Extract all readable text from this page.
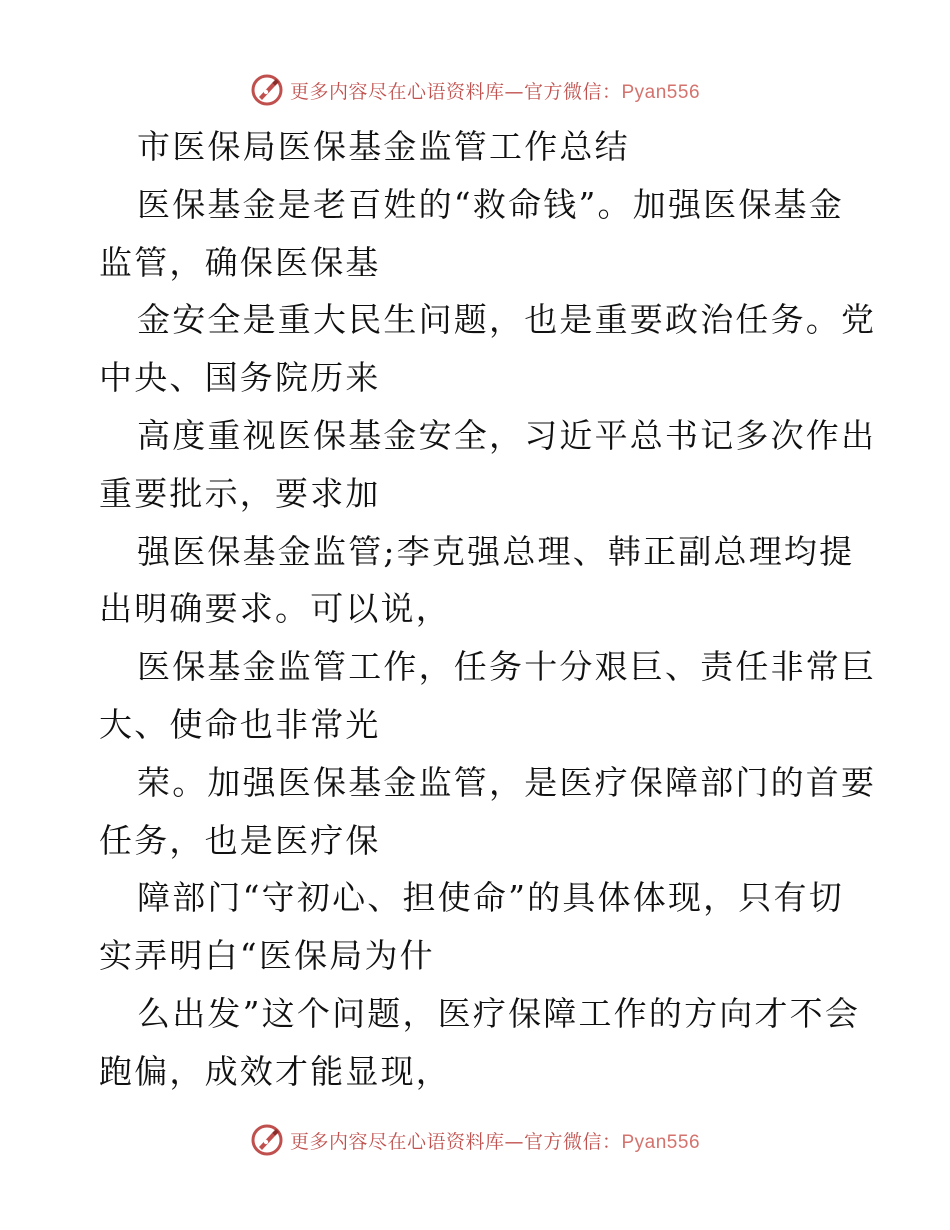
更多内容尽在心语资料库—官方微信：Pyan556
市医保局医保基金监管工作总结
医保基金是老百姓的“救命钱”。加强医保基金
监管，确保医保基
金安全是重大民生问题，也是重要政治任务。党
中央、国务院历来
高度重视医保基金安全，习近平总书记多次作出
重要批示，要求加
强医保基金监管;李克强总理、韩正副总理均提
出明确要求。可以说，
医保基金监管工作，任务十分艰巨、责任非常巨
大、使命也非常光
荣。加强医保基金监管，是医疗保障部门的首要
任务，也是医疗保
障部门“守初心、担使命”的具体体现，只有切
实弄明白“医保局为什
么出发”这个问题，医疗保障工作的方向才不会
跑偏，成效才能显现，
更多内容尽在心语资料库—官方微信：Pyan556
